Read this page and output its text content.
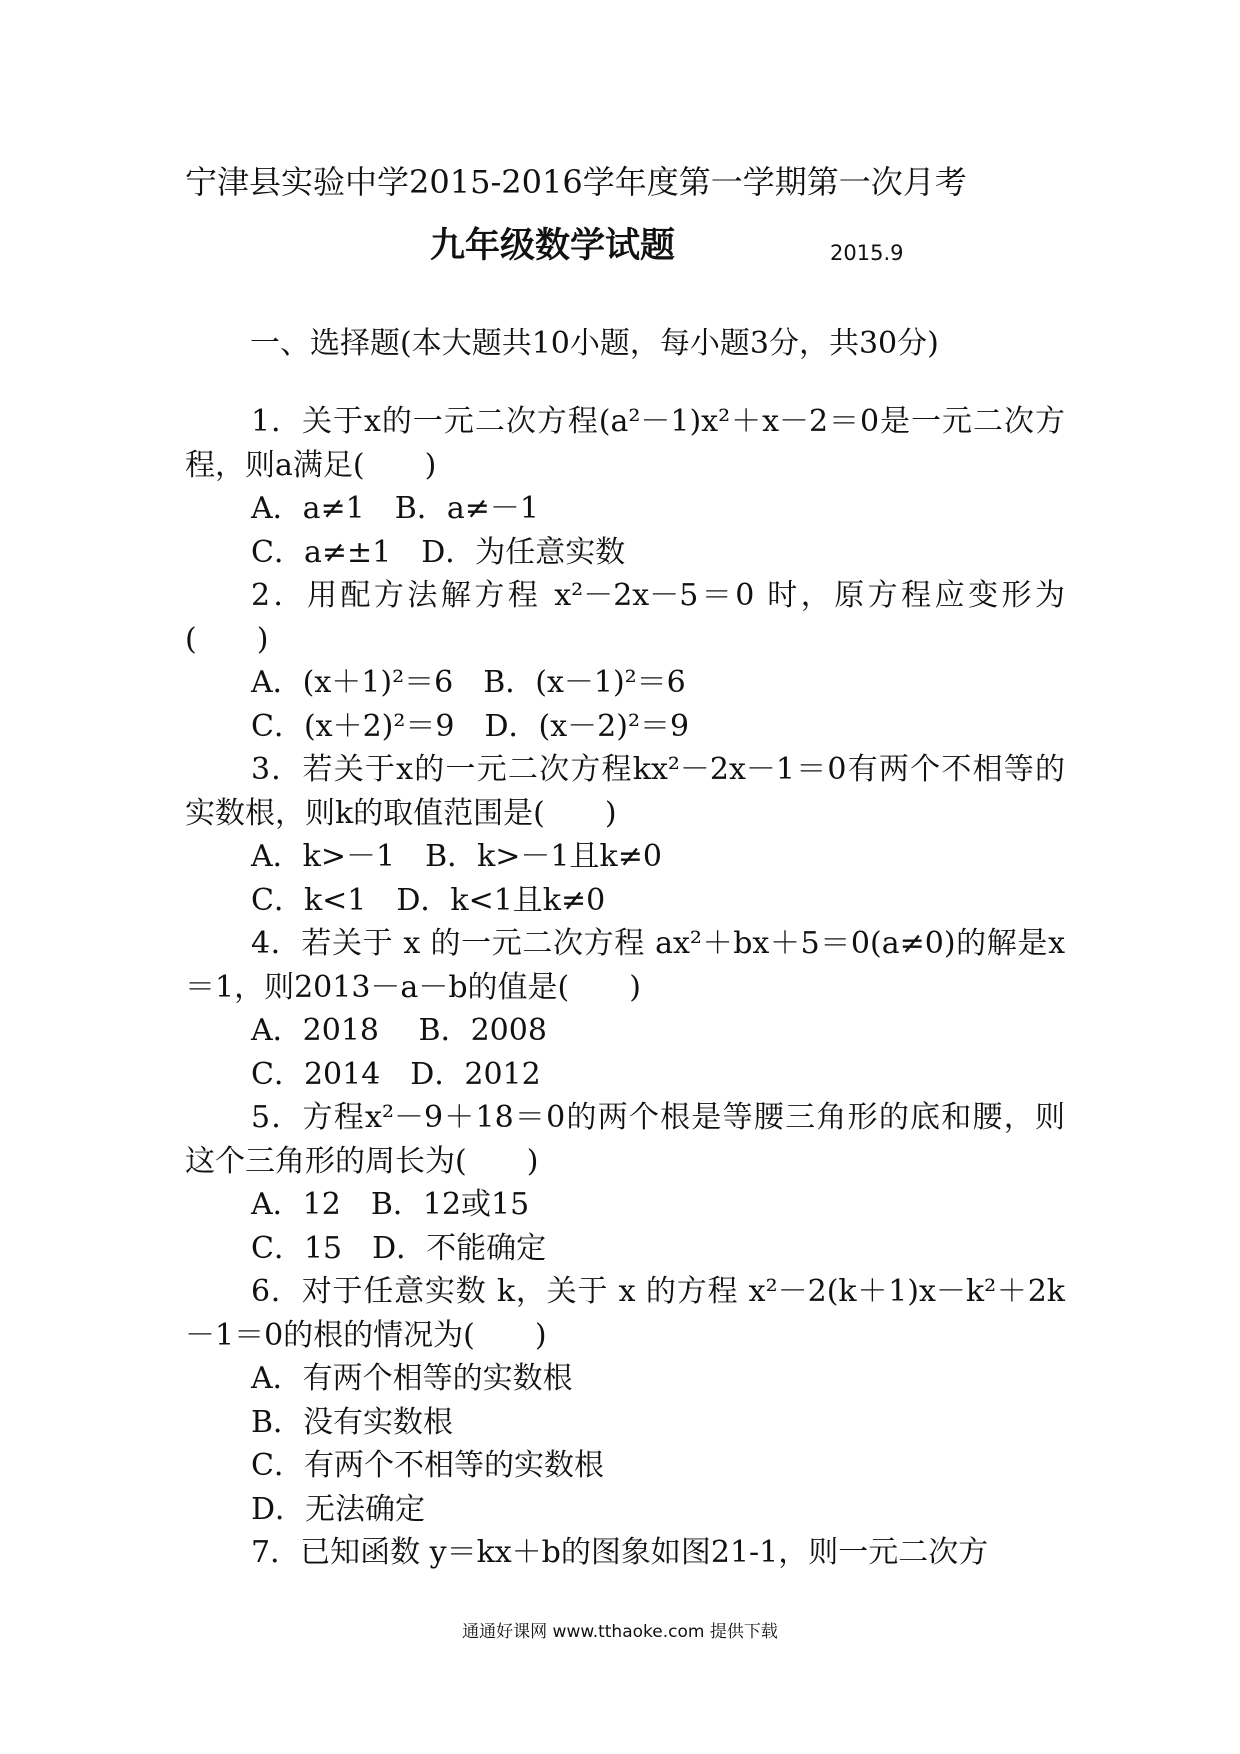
宁津县实验中学2015-2016学年度第一学期第一次月考
九年级数学试题	2015.9
一、选择题(本大题共10小题，每小题3分，共30分)

1．关于x的一元二次方程(a²－1)x²＋x－2＝0是一元二次方程，则a满足(　　)

A．a≠1　B．a≠－1

C．a≠±1　D．为任意实数

2．用配方法解方程 x²－2x－5＝0 时，原方程应变形为(　　)

A．(x＋1)²＝6　B．(x－1)²＝6

C．(x＋2)²＝9　D．(x－2)²＝9

3．若关于x的一元二次方程kx²－2x－1＝0有两个不相等的实数根，则k的取值范围是(　　)

A．k>－1　B．k>－1且k≠0

C．k<1　D．k<1且k≠0

4．若关于 x 的一元二次方程 ax²＋bx＋5＝0(a≠0)的解是x＝1，则2013－a－b的值是(　　)

A．2018　 B．2008

C．2014　D．2012

5．方程x²－9＋18＝0的两个根是等腰三角形的底和腰，则这个三角形的周长为(　　)

A．12　B．12或15

C．15　D．不能确定

6．对于任意实数 k，关于 x 的方程 x²－2(k＋1)x－k²＋2k－1＝0的根的情况为(　　)

A．有两个相等的实数根

B．没有实数根

C．有两个不相等的实数根

D．无法确定

7．已知函数 y＝kx＋b的图象如图21-1，则一元二次方

通通好课网 www.tthaoke.com 提供下载
